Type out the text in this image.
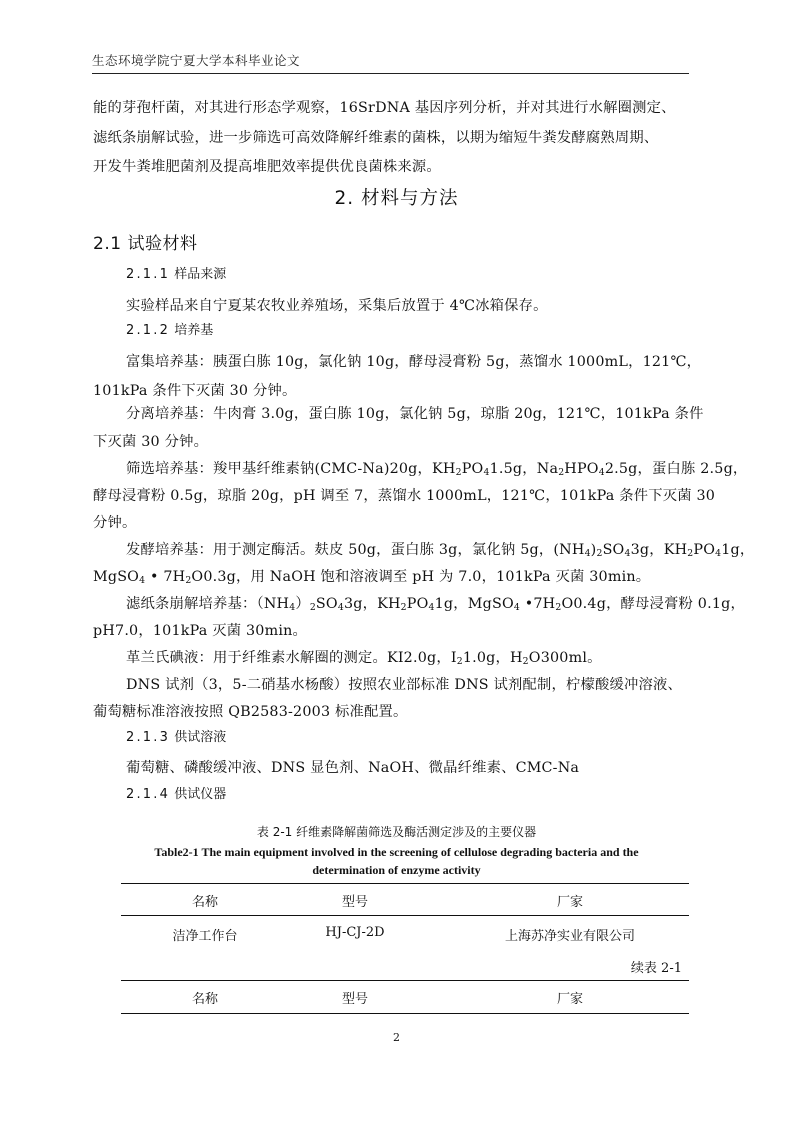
生态环境学院宁夏大学本科毕业论文
能的芽孢杆菌，对其进行形态学观察，16SrDNA 基因序列分析，并对其进行水解圈测定、
滤纸条崩解试验，进一步筛选可高效降解纤维素的菌株，以期为缩短牛粪发酵腐熟周期、
开发牛粪堆肥菌剂及提高堆肥效率提供优良菌株来源。
2. 材料与方法
2.1 试验材料
2.1.1 样品来源
实验样品来自宁夏某农牧业养殖场，采集后放置于 4℃冰箱保存。
2.1.2 培养基
富集培养基：胰蛋白胨 10g，氯化钠 10g，酵母浸膏粉 5g，蒸馏水 1000mL，121℃，
101kPa 条件下灭菌 30 分钟。
分离培养基：牛肉膏 3.0g，蛋白胨 10g，氯化钠 5g，琼脂 20g，121℃，101kPa 条件
下灭菌 30 分钟。
筛选培养基：羧甲基纤维素钠(CMC-Na)20g，$KH_2PO_41.5g$，$Na_2HPO_42.5g$，蛋白胨 2.5g，
酵母浸膏粉 0.5g，琼脂 20g，pH 调至 7，蒸馏水 1000mL，121℃，101kPa 条件下灭菌 30
分钟。
发酵培养基：用于测定酶活。麸皮 50g，蛋白胨 3g，氯化钠 5g，$(NH_4)_2SO_43g$，$KH_2PO_41g$，
MgSO$_4$ • $7H_2O0.3g$，用 NaOH 饱和溶液调至 pH 为 7.0，101kPa 灭菌 30min。
滤纸条崩解培养基：$(NH_4)_2SO_43g$，$KH_2PO_41g$，MgSO$_4$ $•7H_2O0.4g$，酵母浸膏粉 0.1g，
pH7.0，101kPa 灭菌 30min。
革兰氏碘液：用于纤维素水解圈的测定。KI2.0g，$I_21.0g$，$H_2O300ml$。
DNS 试剂（3，5-二硝基水杨酸）按照农业部标准 DNS 试剂配制，柠檬酸缓冲溶液、
葡萄糖标准溶液按照 QB2583-2003 标准配置。
2.1.3 供试溶液
葡萄糖、磷酸缓冲液、DNS 显色剂、NaOH、微晶纤维素、CMC-Na
2.1.4 供试仪器
表 2-1 纤维素降解菌筛选及酶活测定涉及的主要仪器
Table2-1 The main equipment involved in the screening of cellulose degrading bacteria and the
determination of enzyme activity
名称	型号	厂家
洁净工作台	HJ-CJ-2D	上海苏净实业有限公司
续表 2-1
名称	型号	厂家
2
